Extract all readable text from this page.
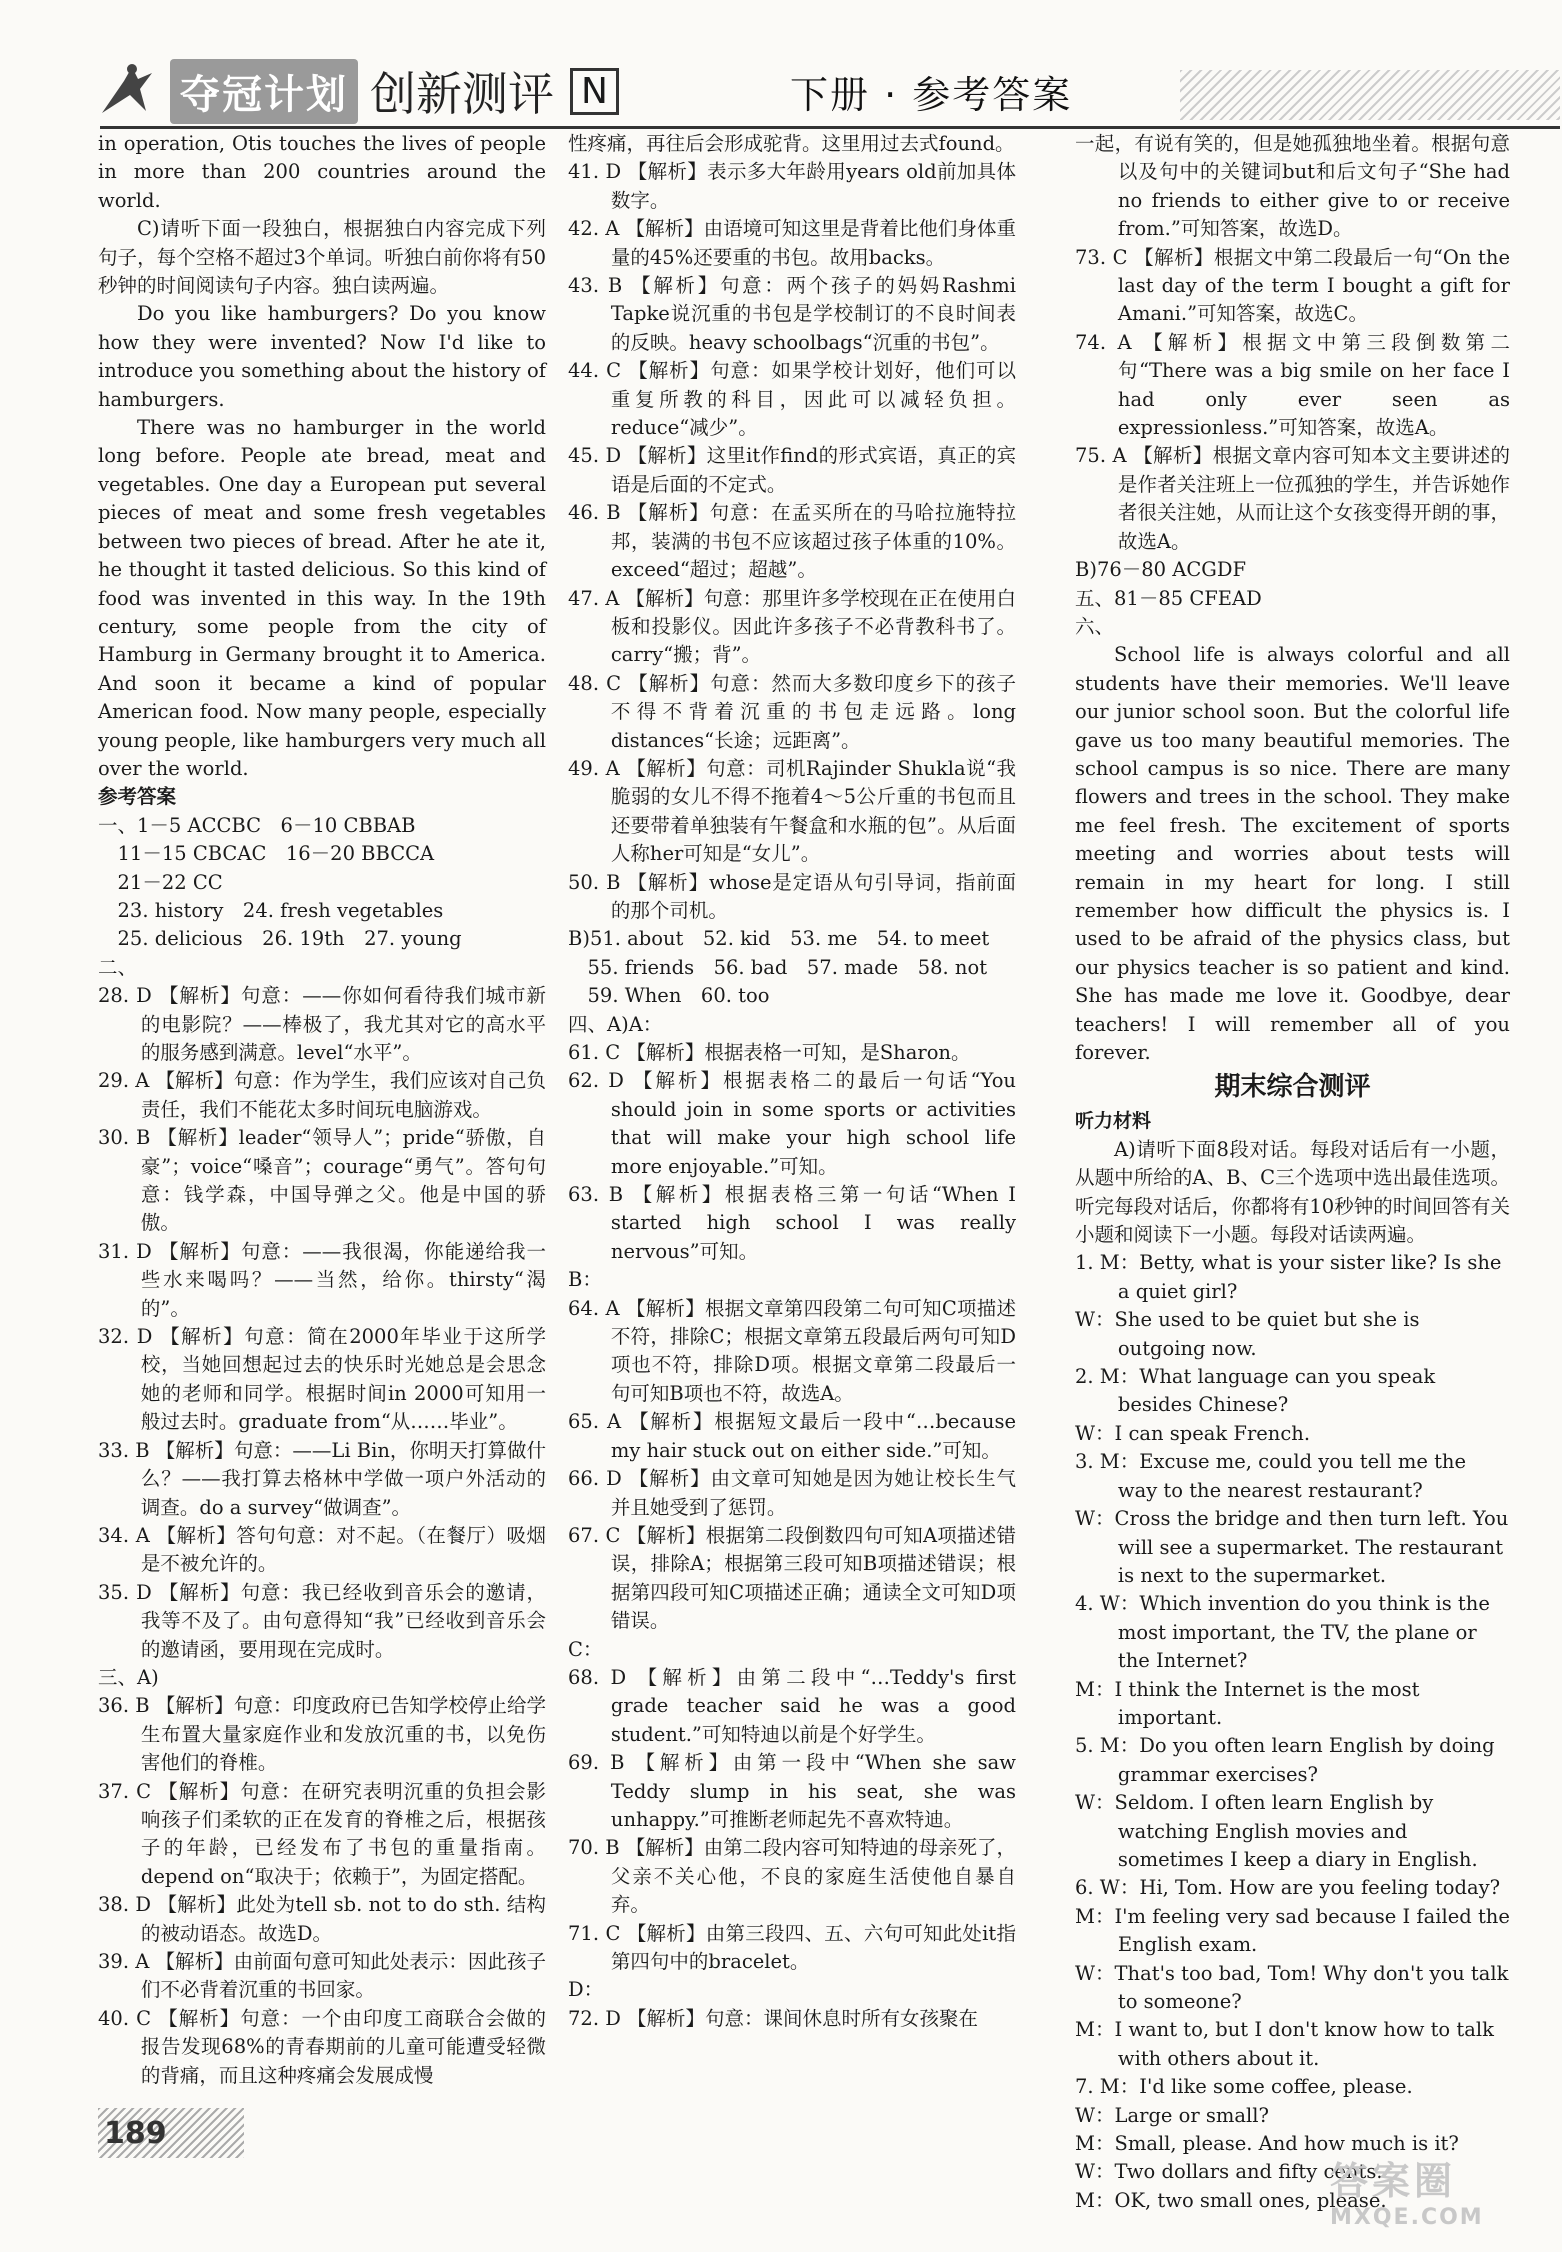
夺冠计划 创新测评 N	下册 · 参考答案

in operation, Otis touches the lives of people in more than 200 countries around the world.

C)请听下面一段独白，根据独白内容完成下列句子，每个空格不超过3个单词。听独白前你将有50秒钟的时间阅读句子内容。独白读两遍。

Do you like hamburgers? Do you know how they were invented? Now I'd like to introduce you something about the history of hamburgers.

There was no hamburger in the world long before. People ate bread, meat and vegetables. One day a European put several pieces of meat and some fresh vegetables between two pieces of bread. After he ate it, he thought it tasted delicious. So this kind of food was invented in this way. In the 19th century, some people from the city of Hamburg in Germany brought it to America. And soon it became a kind of popular American food. Now many people, especially young people, like hamburgers very much all over the world.

参考答案

一、1－5 ACCBC　6－10 CBBAB

　11－15 CBCAC　16－20 BBCCA

　21－22 CC

　23. history　24. fresh vegetables

　25. delicious　26. 19th　27. young

二、

28. D 【解析】句意：——你如何看待我们城市新的电影院？——棒极了，我尤其对它的高水平的服务感到满意。level“水平”。

29. A 【解析】句意：作为学生，我们应该对自己负责任，我们不能花太多时间玩电脑游戏。

30. B 【解析】leader“领导人”；pride“骄傲，自豪”；voice“嗓音”；courage“勇气”。答句句意：钱学森，中国导弹之父。他是中国的骄傲。

31. D 【解析】句意：——我很渴，你能递给我一些水来喝吗？——当然，给你。thirsty“渴的”。

32. D 【解析】句意：简在2000年毕业于这所学校，当她回想起过去的快乐时光她总是会思念她的老师和同学。根据时间in 2000可知用一般过去时。graduate from“从……毕业”。

33. B 【解析】句意：——Li Bin，你明天打算做什么？——我打算去格林中学做一项户外活动的调查。do a survey“做调查”。

34. A 【解析】答句句意：对不起。（在餐厅）吸烟是不被允许的。

35. D 【解析】句意：我已经收到音乐会的邀请，我等不及了。由句意得知“我”已经收到音乐会的邀请函，要用现在完成时。

三、A)

36. B 【解析】句意：印度政府已告知学校停止给学生布置大量家庭作业和发放沉重的书，以免伤害他们的脊椎。

37. C 【解析】句意：在研究表明沉重的负担会影响孩子们柔软的正在发育的脊椎之后，根据孩子的年龄，已经发布了书包的重量指南。depend on“取决于；依赖于”，为固定搭配。

38. D 【解析】此处为tell sb. not to do sth. 结构的被动语态。故选D。

39. A 【解析】由前面句意可知此处表示：因此孩子们不必背着沉重的书回家。

40. C 【解析】句意：一个由印度工商联合会做的报告发现68%的青春期前的儿童可能遭受轻微的背痛，而且这种疼痛会发展成慢

性疼痛，再往后会形成驼背。这里用过去式found。

41. D 【解析】表示多大年龄用years old前加具体数字。

42. A 【解析】由语境可知这里是背着比他们身体重量的45%还要重的书包。故用backs。

43. B 【解析】句意：两个孩子的妈妈Rashmi Tapke说沉重的书包是学校制订的不良时间表的反映。heavy schoolbags“沉重的书包”。

44. C 【解析】句意：如果学校计划好，他们可以重复所教的科目，因此可以减轻负担。reduce“减少”。

45. D 【解析】这里it作find的形式宾语，真正的宾语是后面的不定式。

46. B 【解析】句意：在孟买所在的马哈拉施特拉邦，装满的书包不应该超过孩子体重的10%。exceed“超过；超越”。

47. A 【解析】句意：那里许多学校现在正在使用白板和投影仪。因此许多孩子不必背教科书了。carry“搬；背”。

48. C 【解析】句意：然而大多数印度乡下的孩子不得不背着沉重的书包走远路。long distances“长途；远距离”。

49. A 【解析】句意：司机Rajinder Shukla说“我脆弱的女儿不得不拖着4～5公斤重的书包而且还要带着单独装有午餐盒和水瓶的包”。从后面人称her可知是“女儿”。

50. B 【解析】whose是定语从句引导词，指前面的那个司机。

B)51. about　52. kid　53. me　54. to meet

　55. friends　56. bad　57. made　58. not

　59. When　60. too

四、A)A：

61. C 【解析】根据表格一可知，是Sharon。

62. D 【解析】根据表格二的最后一句话“You should join in some sports or activities that will make your high school life more enjoyable.”可知。

63. B 【解析】根据表格三第一句话“When I started high school I was really nervous”可知。

B：

64. A 【解析】根据文章第四段第二句可知C项描述不符，排除C；根据文章第五段最后两句可知D项也不符，排除D项。根据文章第二段最后一句可知B项也不符，故选A。

65. A 【解析】根据短文最后一段中“…because my hair stuck out on either side.”可知。

66. D 【解析】由文章可知她是因为她让校长生气并且她受到了惩罚。

67. C 【解析】根据第二段倒数四句可知A项描述错误，排除A；根据第三段可知B项描述错误；根据第四段可知C项描述正确；通读全文可知D项错误。

C：

68. D 【解析】由第二段中“…Teddy's first grade teacher said he was a good student.”可知特迪以前是个好学生。

69. B 【解析】由第一段中“When she saw Teddy slump in his seat, she was unhappy.”可推断老师起先不喜欢特迪。

70. B 【解析】由第二段内容可知特迪的母亲死了，父亲不关心他，不良的家庭生活使他自暴自弃。

71. C 【解析】由第三段四、五、六句可知此处it指第四句中的bracelet。

D：

72. D 【解析】句意：课间休息时所有女孩聚在

一起，有说有笑的，但是她孤独地坐着。根据句意以及句中的关键词but和后文句子“She had no friends to either give to or receive from.”可知答案，故选D。

73. C 【解析】根据文中第二段最后一句“On the last day of the term I bought a gift for Amani.”可知答案，故选C。

74. A 【解析】根据文中第三段倒数第二句“There was a big smile on her face I had only ever seen as expressionless.”可知答案，故选A。

75. A 【解析】根据文章内容可知本文主要讲述的是作者关注班上一位孤独的学生，并告诉她作者很关注她，从而让这个女孩变得开朗的事，故选A。

B)76－80 ACGDF

五、81－85 CFEAD

六、

School life is always colorful and all students have their memories. We'll leave our junior school soon. But the colorful life gave us too many beautiful memories. The school campus is so nice. There are many flowers and trees in the school. They make me feel fresh. The excitement of sports meeting and worries about tests will remain in my heart for long. I still remember how difficult the physics is. I used to be afraid of the physics class, but our physics teacher is so patient and kind. She has made me love it. Goodbye, dear teachers! I will remember all of you forever.

期末综合测评

听力材料

A)请听下面8段对话。每段对话后有一小题，从题中所给的A、B、C三个选项中选出最佳选项。听完每段对话后，你都将有10秒钟的时间回答有关小题和阅读下一小题。每段对话读两遍。

1. M：Betty, what is your sister like? Is she a quiet girl?

W：She used to be quiet but she is outgoing now.

2. M：What language can you speak besides Chinese?

W：I can speak French.

3. M：Excuse me, could you tell me the way to the nearest restaurant?

W：Cross the bridge and then turn left. You will see a supermarket. The restaurant is next to the supermarket.

4. W：Which invention do you think is the most important, the TV, the plane or the Internet?

M：I think the Internet is the most important.

5. M：Do you often learn English by doing grammar exercises?

W：Seldom. I often learn English by watching English movies and sometimes I keep a diary in English.

6. W：Hi, Tom. How are you feeling today?

M：I'm feeling very sad because I failed the English exam.

W：That's too bad, Tom! Why don't you talk to someone?

M：I want to, but I don't know how to talk with others about it.

7. M：I'd like some coffee, please.

W：Large or small?

M：Small, please. And how much is it?

W：Two dollars and fifty cents.

M：OK, two small ones, please.

189
答案圈
MXQE.COM
